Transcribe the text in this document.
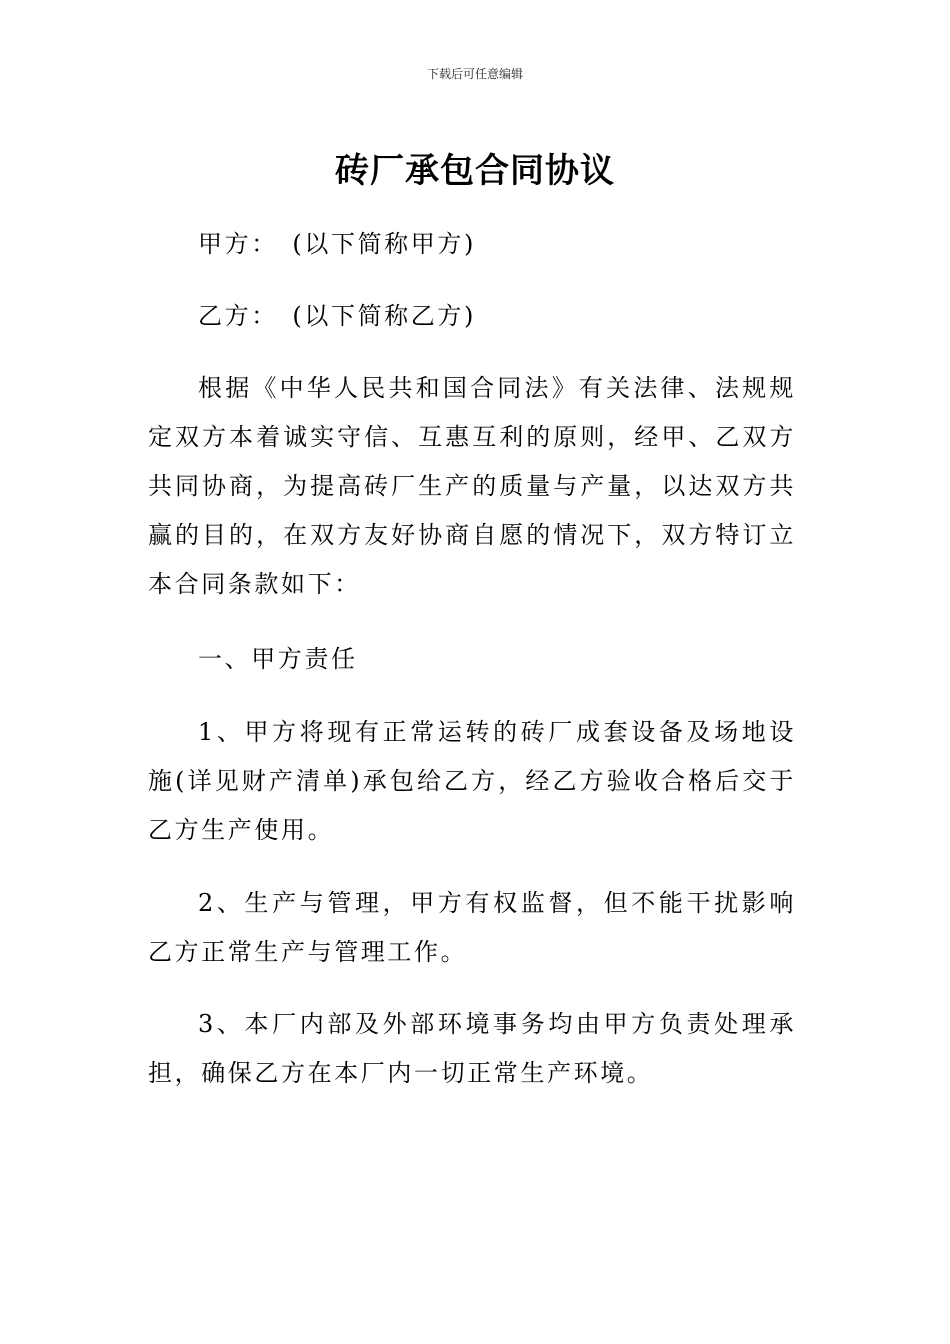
下载后可任意编辑
砖厂承包合同协议

甲方：　(以下简称甲方)

乙方：　(以下简称乙方)

根据《中华人民共和国合同法》有关法律、法规规定双方本着诚实守信、互惠互利的原则，经甲、乙双方共同协商，为提高砖厂生产的质量与产量，以达双方共赢的目的，在双方友好协商自愿的情况下，双方特订立本合同条款如下：

一、甲方责任

1、甲方将现有正常运转的砖厂成套设备及场地设施(详见财产清单)承包给乙方，经乙方验收合格后交于乙方生产使用。

2、生产与管理，甲方有权监督，但不能干扰影响乙方正常生产与管理工作。

3、本厂内部及外部环境事务均由甲方负责处理承担，确保乙方在本厂内一切正常生产环境。
